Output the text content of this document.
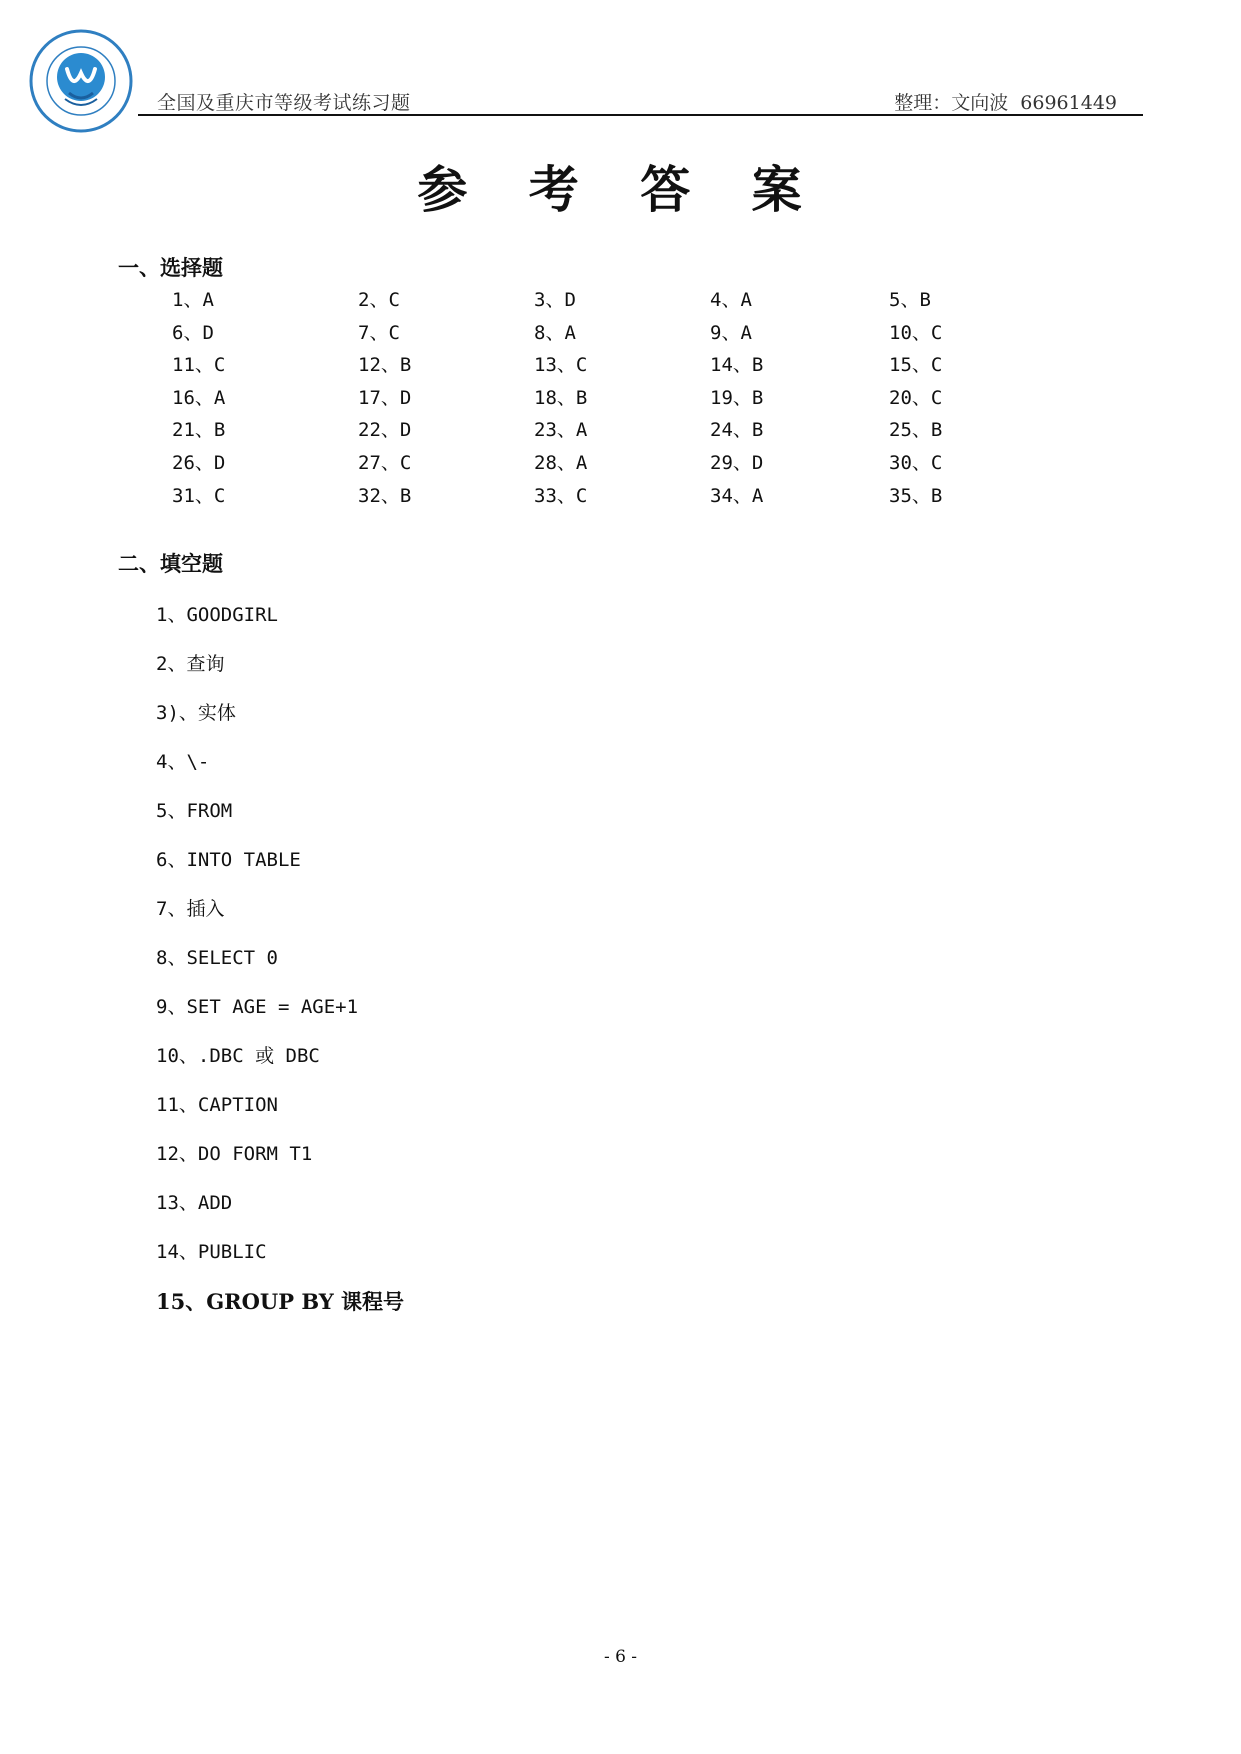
全国及重庆市等级考试练习题	整理：文向波  66961449
参 考 答 案
一、选择题
1、A	2、C	3、D	4、A	5、B
6、D	7、C	8、A	9、A	10、C
11、C	12、B	13、C	14、B	15、C
16、A	17、D	18、B	19、B	20、C
21、B	22、D	23、A	24、B	25、B
26、D	27、C	28、A	29、D	30、C
31、C	32、B	33、C	34、A	35、B
二、填空题
1、GOODGIRL
2、查询
3)、实体
4、\-
5、FROM
6、INTO TABLE
7、插入
8、SELECT 0
9、SET AGE = AGE+1
10、.DBC 或 DBC
11、CAPTION
12、DO FORM T1
13、ADD
14、PUBLIC
15、GROUP BY 课程号
- 6 -
